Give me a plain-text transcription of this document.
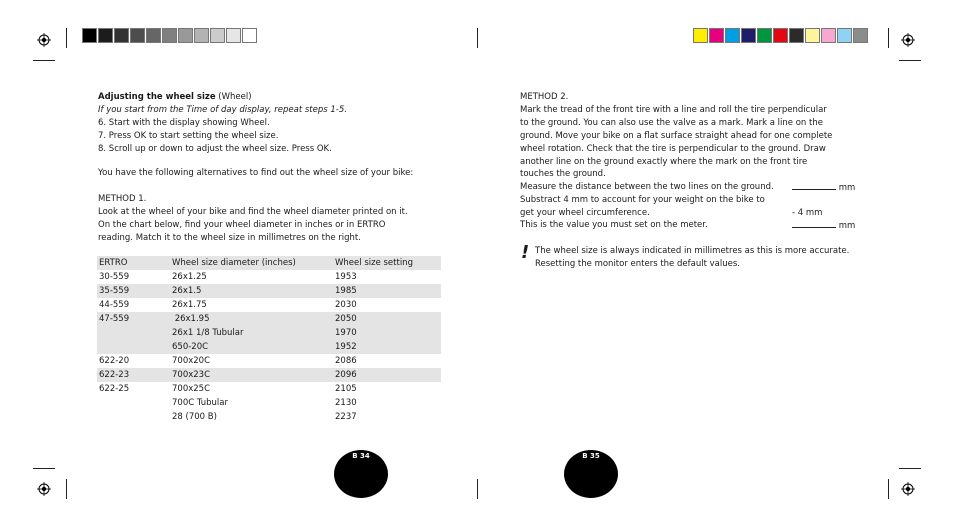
Adjusting the wheel size (Wheel)
If you start from the Time of day display, repeat steps 1-5.
6. Start with the display showing Wheel.
7. Press OK to start setting the wheel size.
8. Scroll up or down to adjust the wheel size. Press OK.
You have the following alternatives to find out the wheel size of your bike:
METHOD 1.
Look at the wheel of your bike and find the wheel diameter printed on it.
On the chart below, find your wheel diameter in inches or in ERTRO
reading. Match it to the wheel size in millimetres on the right.
ERTRO	Wheel size diameter (inches)	Wheel size setting
30-559	26x1.25	1953
35-559	26x1.5	1985
44-559	26x1.75	2030
47-559	26x1.95	2050
	26x1 1/8 Tubular	1970
	650-20C	1952
622-20	700x20C	2086
622-23	700x23C	2096
622-25	700x25C	2105
	700C Tubular	2130
	28 (700 B)	2237
B 34
METHOD 2.
Mark the tread of the front tire with a line and roll the tire perpendicular
to the ground. You can also use the valve as a mark. Mark a line on the
ground. Move your bike on a flat surface straight ahead for one complete
wheel rotation. Check that the tire is perpendicular to the ground. Draw
another line on the ground exactly where the mark on the front tire
touches the ground.
Measure the distance between the two lines on the ground.	mm
Substract 4 mm to account for your weight on the bike to
get your wheel circumference.	- 4 mm
This is the value you must set on the meter.	mm
! The wheel size is always indicated in millimetres as this is more accurate.
Resetting the monitor enters the default values.
B 35
